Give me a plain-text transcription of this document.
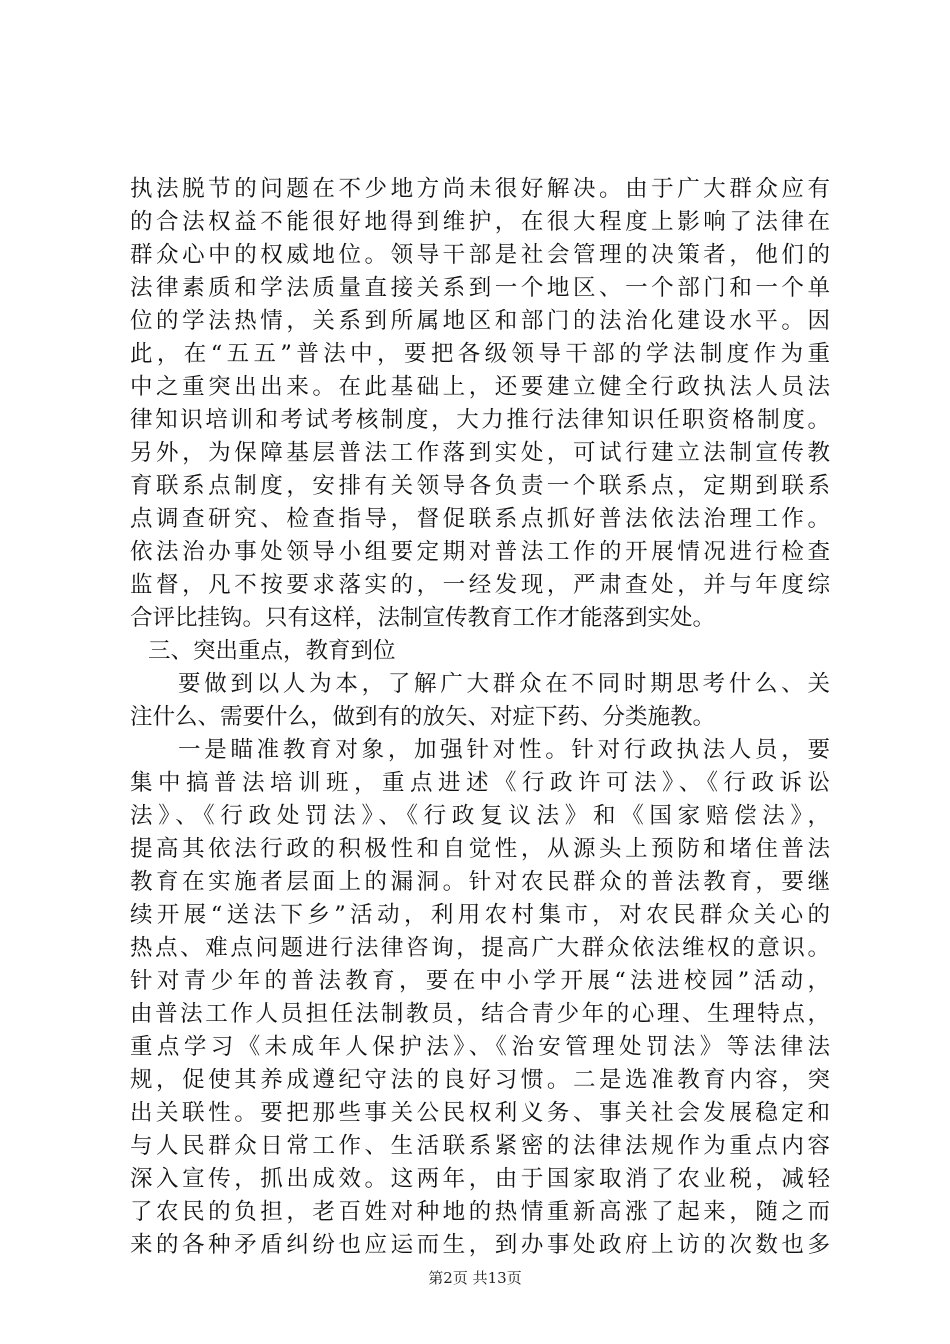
执法脱节的问题在不少地方尚未很好解决。由于广大群众应有
的合法权益不能很好地得到维护，在很大程度上影响了法律在
群众心中的权威地位。领导干部是社会管理的决策者，他们的
法律素质和学法质量直接关系到一个地区、一个部门和一个单
位的学法热情，关系到所属地区和部门的法治化建设水平。因
此，在“五五”普法中，要把各级领导干部的学法制度作为重
中之重突出出来。在此基础上，还要建立健全行政执法人员法
律知识培训和考试考核制度，大力推行法律知识任职资格制度。
另外，为保障基层普法工作落到实处，可试行建立法制宣传教
育联系点制度，安排有关领导各负责一个联系点，定期到联系
点调查研究、检查指导，督促联系点抓好普法依法治理工作。
依法治办事处领导小组要定期对普法工作的开展情况进行检查
监督，凡不按要求落实的，一经发现，严肃查处，并与年度综
合评比挂钩。只有这样，法制宣传教育工作才能落到实处。
三、突出重点，教育到位
要做到以人为本，了解广大群众在不同时期思考什么、关
注什么、需要什么，做到有的放矢、对症下药、分类施教。
一是瞄准教育对象，加强针对性。针对行政执法人员，要
集中搞普法培训班，重点进述《行政许可法》、《行政诉讼
法》、《行政处罚法》、《行政复议法》和《国家赔偿法》，
提高其依法行政的积极性和自觉性，从源头上预防和堵住普法
教育在实施者层面上的漏洞。针对农民群众的普法教育，要继
续开展“送法下乡”活动，利用农村集市，对农民群众关心的
热点、难点问题进行法律咨询，提高广大群众依法维权的意识。
针对青少年的普法教育，要在中小学开展“法进校园”活动，
由普法工作人员担任法制教员，结合青少年的心理、生理特点，
重点学习《未成年人保护法》、《治安管理处罚法》等法律法
规，促使其养成遵纪守法的良好习惯。二是选准教育内容，突
出关联性。要把那些事关公民权利义务、事关社会发展稳定和
与人民群众日常工作、生活联系紧密的法律法规作为重点内容
深入宣传，抓出成效。这两年，由于国家取消了农业税，减轻
了农民的负担，老百姓对种地的热情重新高涨了起来，随之而
来的各种矛盾纠纷也应运而生，到办事处政府上访的次数也多
第2页 共13页
